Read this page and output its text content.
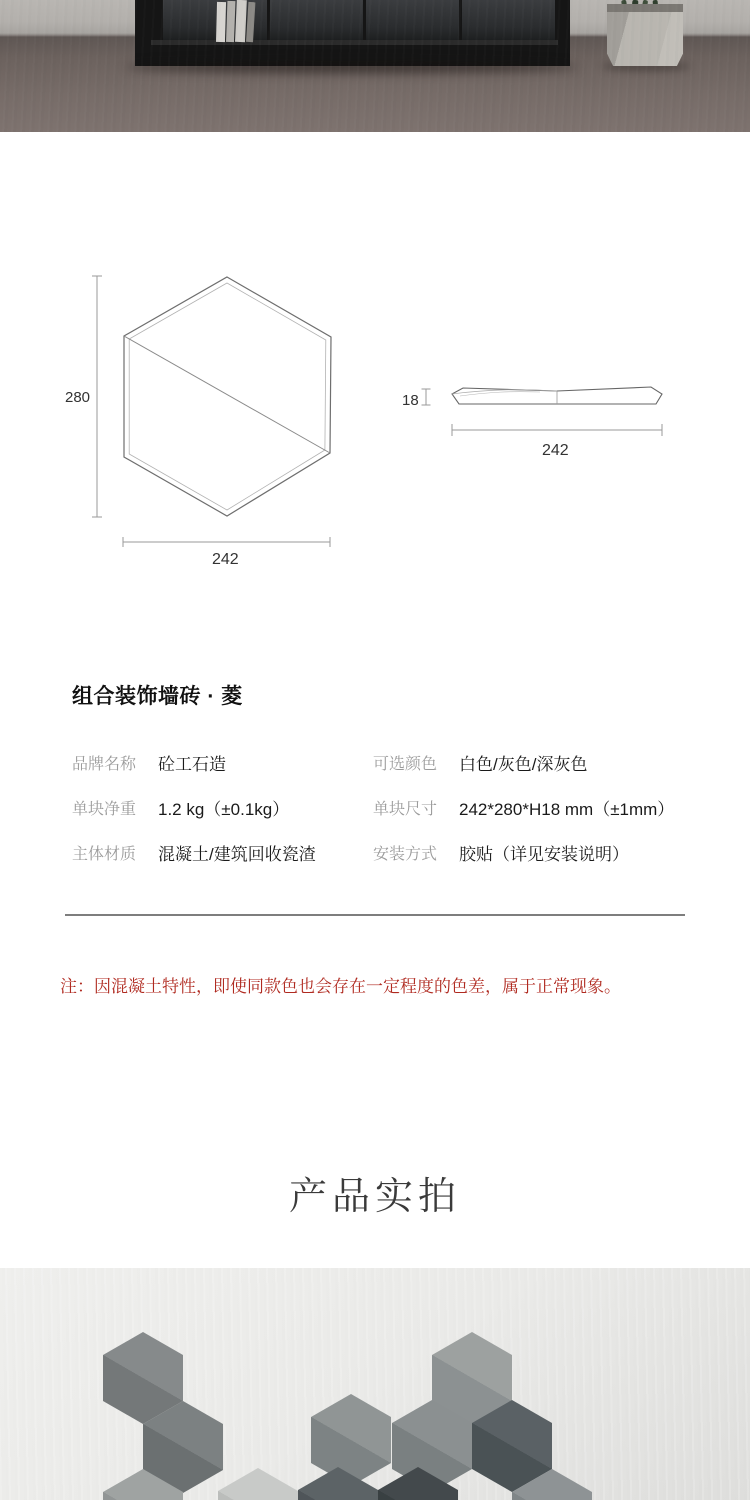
280
242
18
242
组合装饰墙砖 · 菱
品牌名称 砼工石造	可选颜色 白色/灰色/深灰色
单块净重 1.2 kg（±0.1kg）	单块尺寸 242*280*H18 mm（±1mm）
主体材质 混凝土/建筑回收瓷渣	安装方式 胶贴（详见安装说明）

注：因混凝土特性，即使同款色也会存在一定程度的色差，属于正常现象。

产品实拍
